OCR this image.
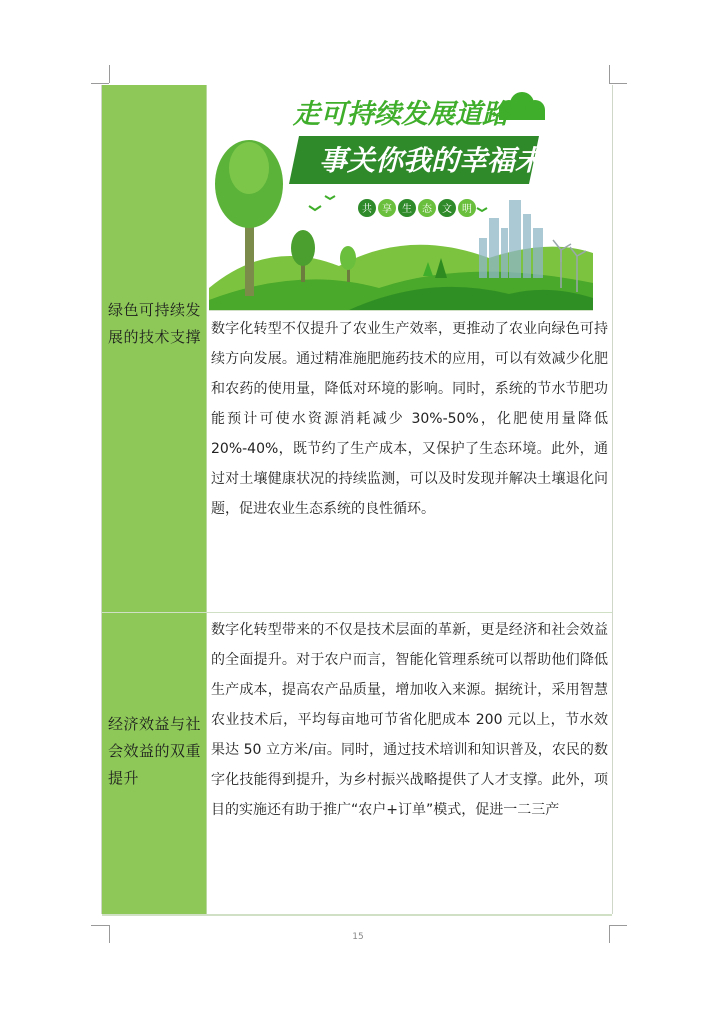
绿色可持续发展的技术支撑
走可持续发展道路
事关你我的幸福未来
共 享 生 态 文 明
数字化转型不仅提升了农业生产效率，更推动了农业向绿色可持续方向发展。通过精准施肥施药技术的应用，可以有效减少化肥和农药的使用量，降低对环境的影响。同时，系统的节水节肥功能预计可使水资源消耗减少 30%-50%，化肥使用量降低 20%-40%，既节约了生产成本，又保护了生态环境。此外，通过对土壤健康状况的持续监测，可以及时发现并解决土壤退化问题，促进农业生态系统的良性循环。
经济效益与社会效益的双重提升
数字化转型带来的不仅是技术层面的革新，更是经济和社会效益的全面提升。对于农户而言，智能化管理系统可以帮助他们降低生产成本，提高农产品质量，增加收入来源。据统计，采用智慧农业技术后，平均每亩地可节省化肥成本 200 元以上，节水效果达 50 立方米/亩。同时，通过技术培训和知识普及，农民的数字化技能得到提升，为乡村振兴战略提供了人才支撑。此外，项目的实施还有助于推广“农户+订单”模式，促进一二三产
15
